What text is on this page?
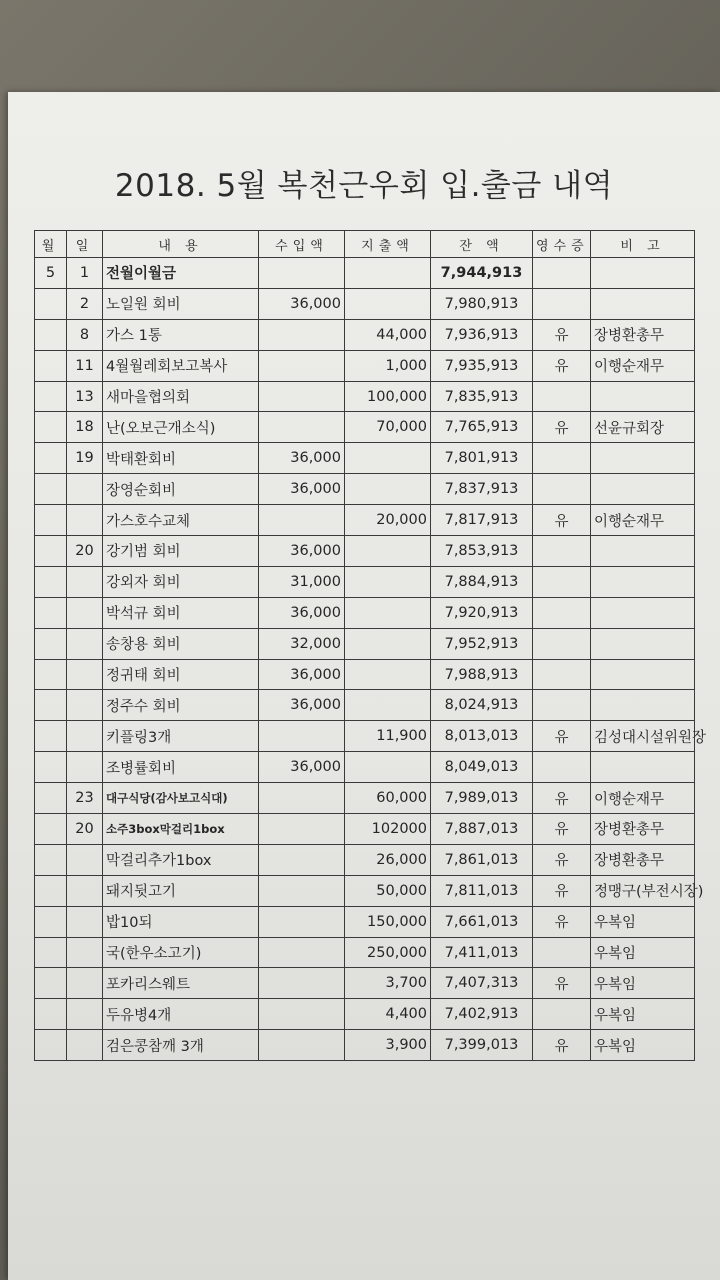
2018. 5월 복천근우회 입.출금 내역
월	일	내 용	수입액	지출액	잔 액	영수증	비 고
5	1	전월이월금			7,944,913		
	2	노일원 회비	36,000		7,980,913		
	8	가스 1통		44,000	7,936,913	유	장병환총무
	11	4월월레회보고복사		1,000	7,935,913	유	이행순재무
	13	새마을협의회		100,000	7,835,913		
	18	난(오보근개소식)		70,000	7,765,913	유	선윤규회장
	19	박태환회비	36,000		7,801,913		
		장영순회비	36,000		7,837,913		
		가스호수교체		20,000	7,817,913	유	이행순재무
	20	강기범 회비	36,000		7,853,913		
		강외자 회비	31,000		7,884,913		
		박석규 회비	36,000		7,920,913		
		송창용 회비	32,000		7,952,913		
		정귀태 회비	36,000		7,988,913		
		정주수 회비	36,000		8,024,913		
		키플링3개		11,900	8,013,013	유	김성대시설위원장
		조병률회비	36,000		8,049,013		
	23	대구식당(감사보고식대)		60,000	7,989,013	유	이행순재무
	20	소주3box막걸리1box		102000	7,887,013	유	장병환총무
		막걸리추가1box		26,000	7,861,013	유	장병환총무
		돼지뒷고기		50,000	7,811,013	유	정맹구(부전시장)
		밥10되		150,000	7,661,013	유	우복임
		국(한우소고기)		250,000	7,411,013		우복임
		포카리스웨트		3,700	7,407,313	유	우복임
		두유병4개		4,400	7,402,913		우복임
		검은콩참깨 3개		3,900	7,399,013	유	우복임
